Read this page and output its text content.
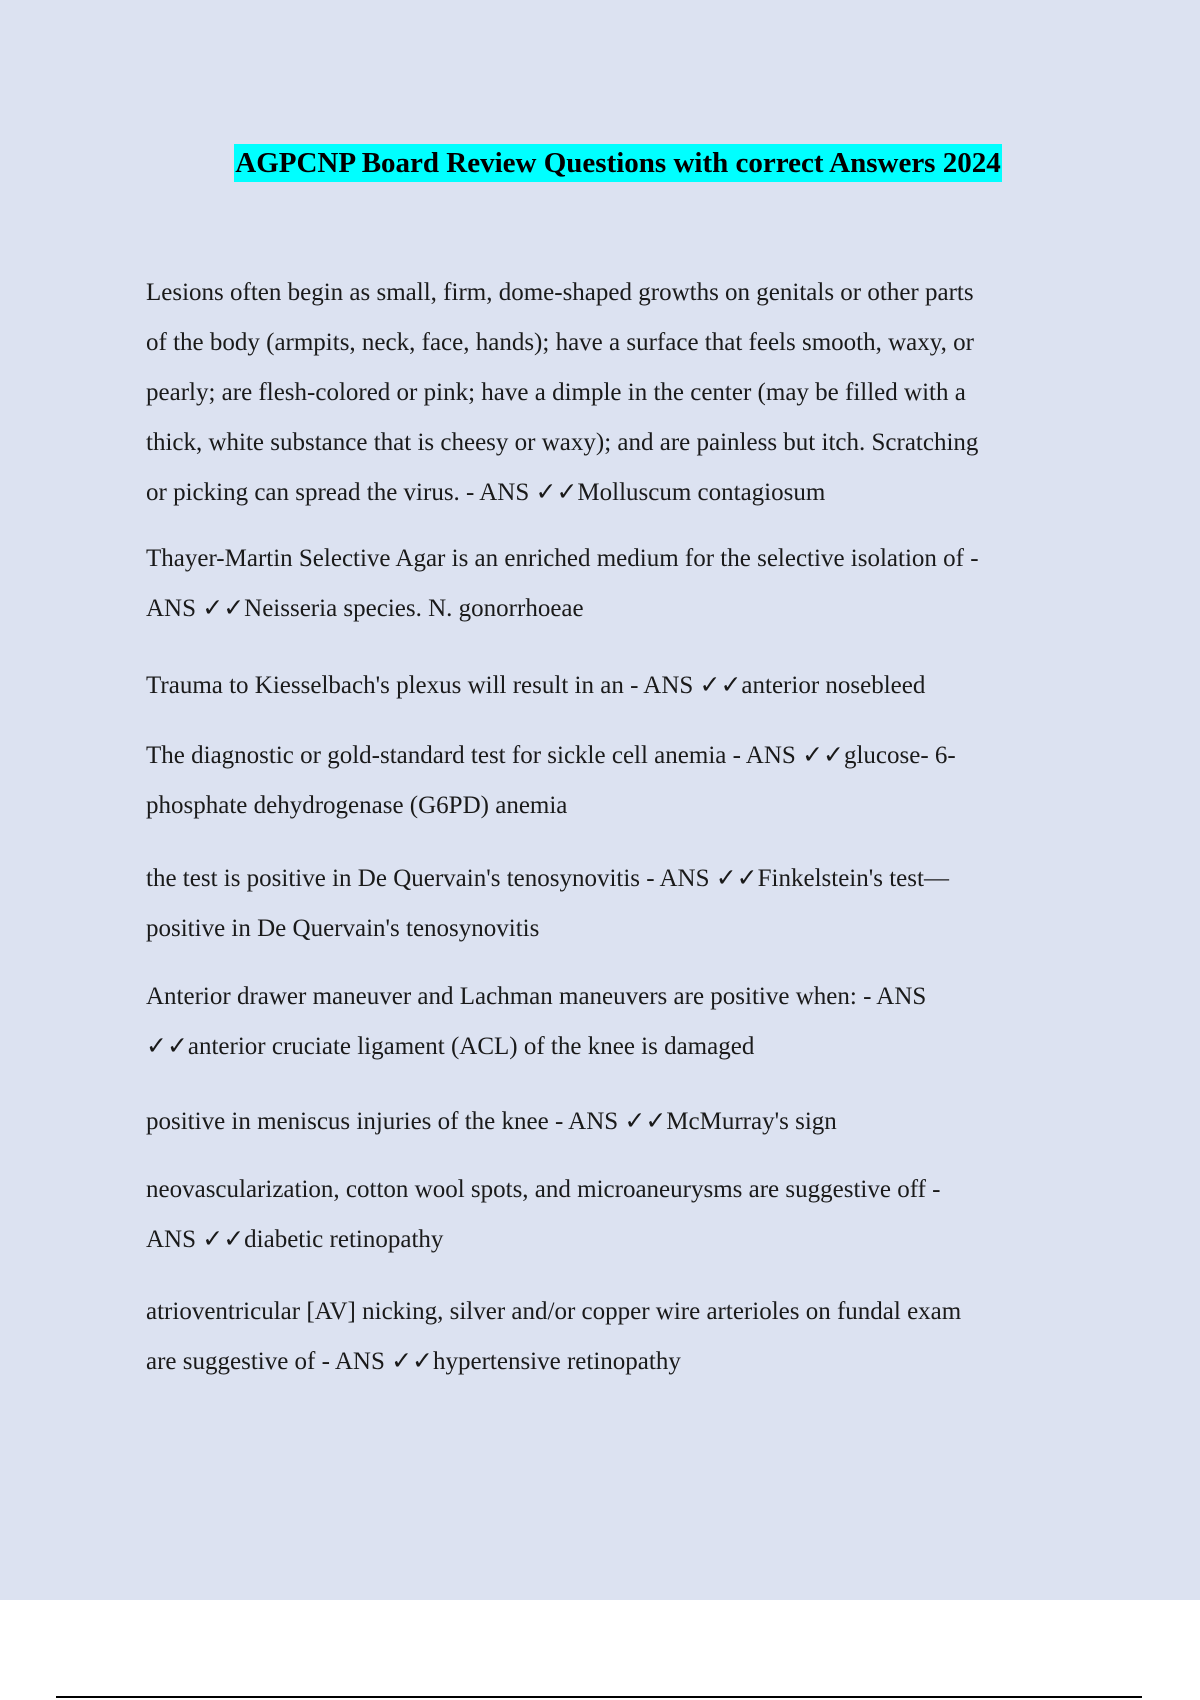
AGPCNP Board Review Questions with correct Answers 2024

Lesions often begin as small, firm, dome-shaped growths on genitals or other parts
of the body (armpits, neck, face, hands); have a surface that feels smooth, waxy, or
pearly; are flesh-colored or pink; have a dimple in the center (may be filled with a
thick, white substance that is cheesy or waxy); and are painless but itch. Scratching
or picking can spread the virus. - ANS ✓✓Molluscum contagiosum

Thayer-Martin Selective Agar is an enriched medium for the selective isolation of -
ANS ✓✓Neisseria species. N. gonorrhoeae

Trauma to Kiesselbach's plexus will result in an - ANS ✓✓anterior nosebleed

The diagnostic or gold-standard test for sickle cell anemia - ANS ✓✓glucose- 6-
phosphate dehydrogenase (G6PD) anemia

the test is positive in De Quervain's tenosynovitis - ANS ✓✓Finkelstein's test—
positive in De Quervain's tenosynovitis

Anterior drawer maneuver and Lachman maneuvers are positive when: - ANS
✓✓anterior cruciate ligament (ACL) of the knee is damaged

positive in meniscus injuries of the knee - ANS ✓✓McMurray's sign

neovascularization, cotton wool spots, and microaneurysms are suggestive off -
ANS ✓✓diabetic retinopathy

atrioventricular [AV] nicking, silver and/or copper wire arterioles on fundal exam
are suggestive of - ANS ✓✓hypertensive retinopathy
